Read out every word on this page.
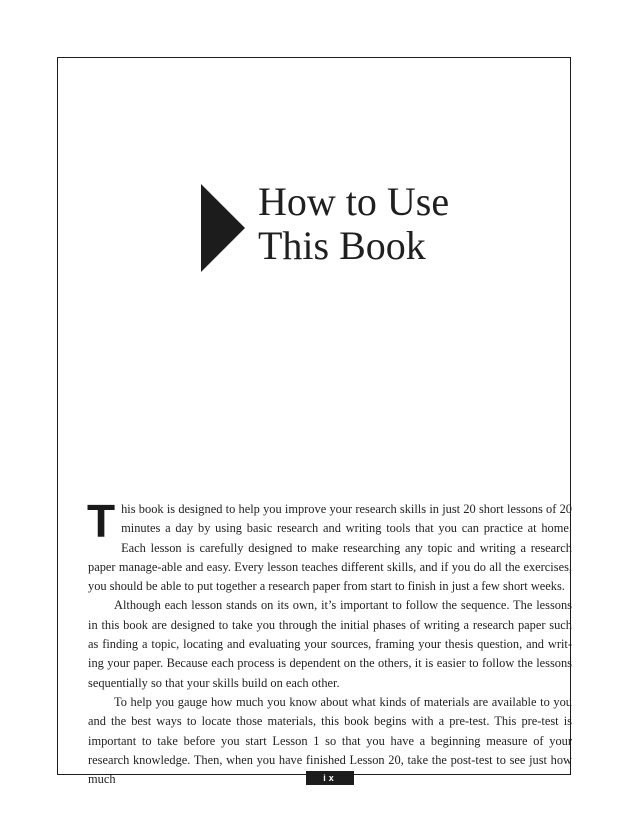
How to Use
This Book

This book is designed to help you improve your research skills in just 20 short lessons of 20 minutes a day by using basic research and writing tools that you can practice at home. Each lesson is carefully designed to make researching any topic and writing a research paper manage-able and easy. Every lesson teaches different skills, and if you do all the exercises, you should be able to put together a research paper from start to finish in just a few short weeks.

Although each lesson stands on its own, it’s important to follow the sequence. The lessons in this book are designed to take you through the initial phases of writing a research paper such as finding a topic, locating and evaluating your sources, framing your thesis question, and writ-ing your paper. Because each process is dependent on the others, it is easier to follow the lessons sequentially so that your skills build on each other.

To help you gauge how much you know about what kinds of materials are available to you and the best ways to locate those materials, this book begins with a pre-test. This pre-test is important to take before you start Lesson 1 so that you have a beginning measure of your research knowledge. Then, when you have finished Lesson 20, take the post-test to see just how much	ix
